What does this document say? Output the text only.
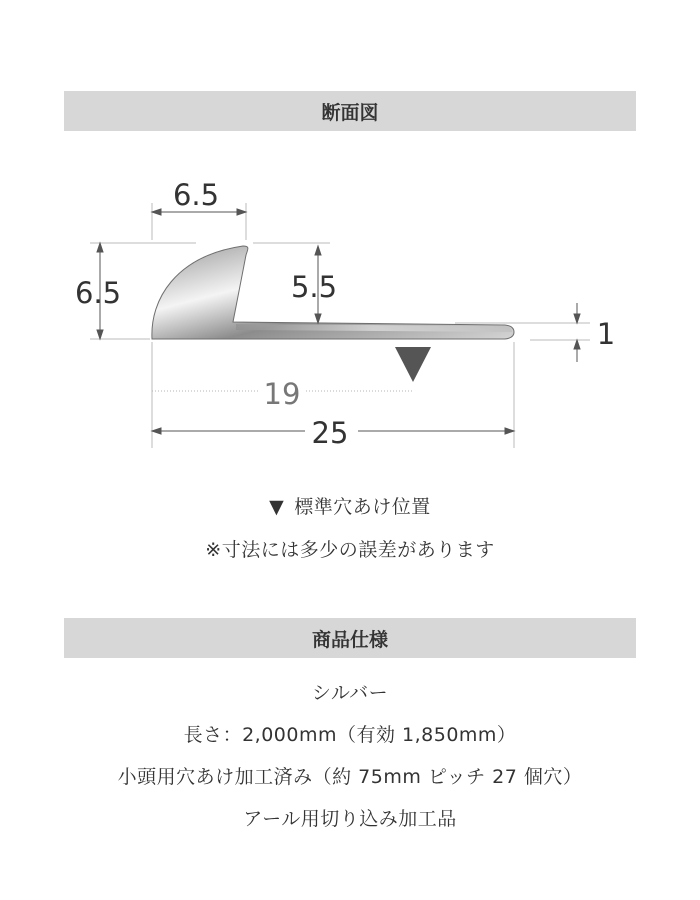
断面図
6.5
6.5	5.5
1
19
25
▼ 標準穴あけ位置
※寸法には多少の誤差があります
商品仕様
シルバー
長さ：2,000mm（有効 1,850mm）
小頭用穴あけ加工済み（約 75mm ピッチ 27 個穴）
アール用切り込み加工品
